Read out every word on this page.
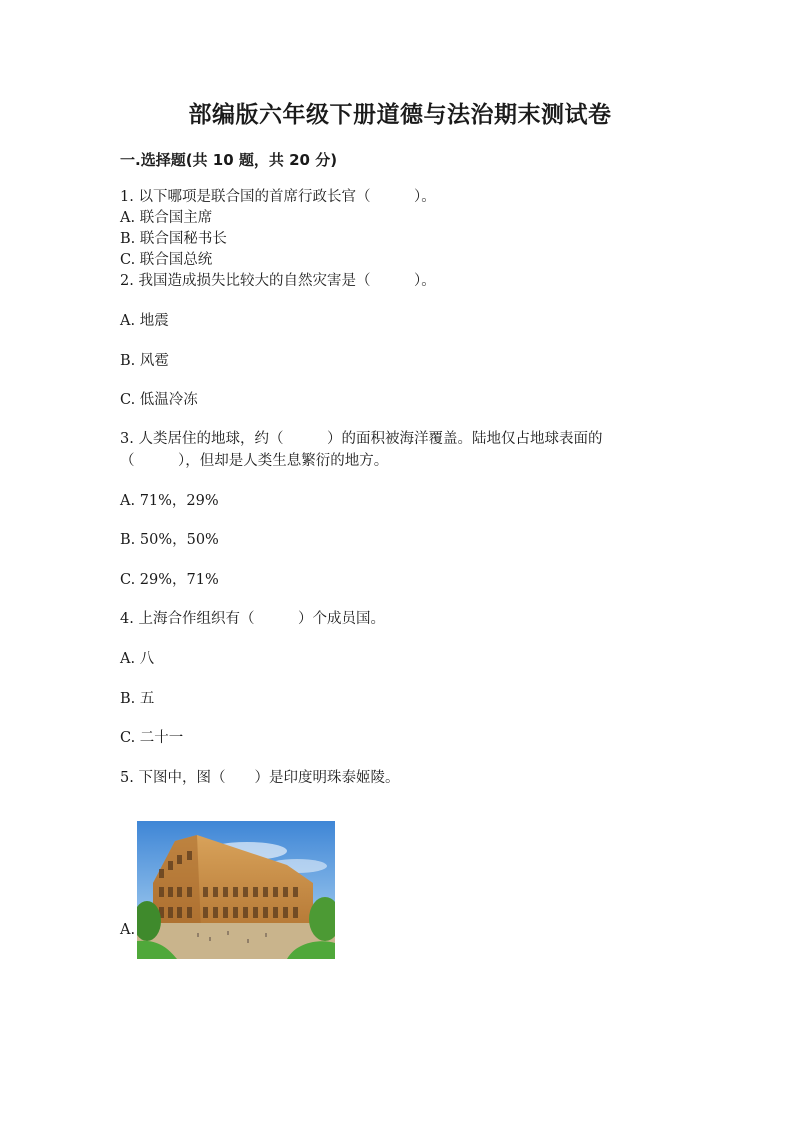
部编版六年级下册道德与法治期末测试卷
一.选择题(共 10 题，共 20 分)
1. 以下哪项是联合国的首席行政长官（　　　）。
A. 联合国主席
B. 联合国秘书长
C. 联合国总统
2. 我国造成损失比较大的自然灾害是（　　　）。
A. 地震
B. 风雹
C. 低温冷冻
3. 人类居住的地球，约（　　　）的面积被海洋覆盖。陆地仅占地球表面的
（　　　），但却是人类生息繁衍的地方。
A. 71%，29%
B. 50%，50%
C. 29%，71%
4. 上海合作组织有（　　　）个成员国。
A. 八
B. 五
C. 二十一
5. 下图中，图（　　）是印度明珠泰姬陵。
A.
